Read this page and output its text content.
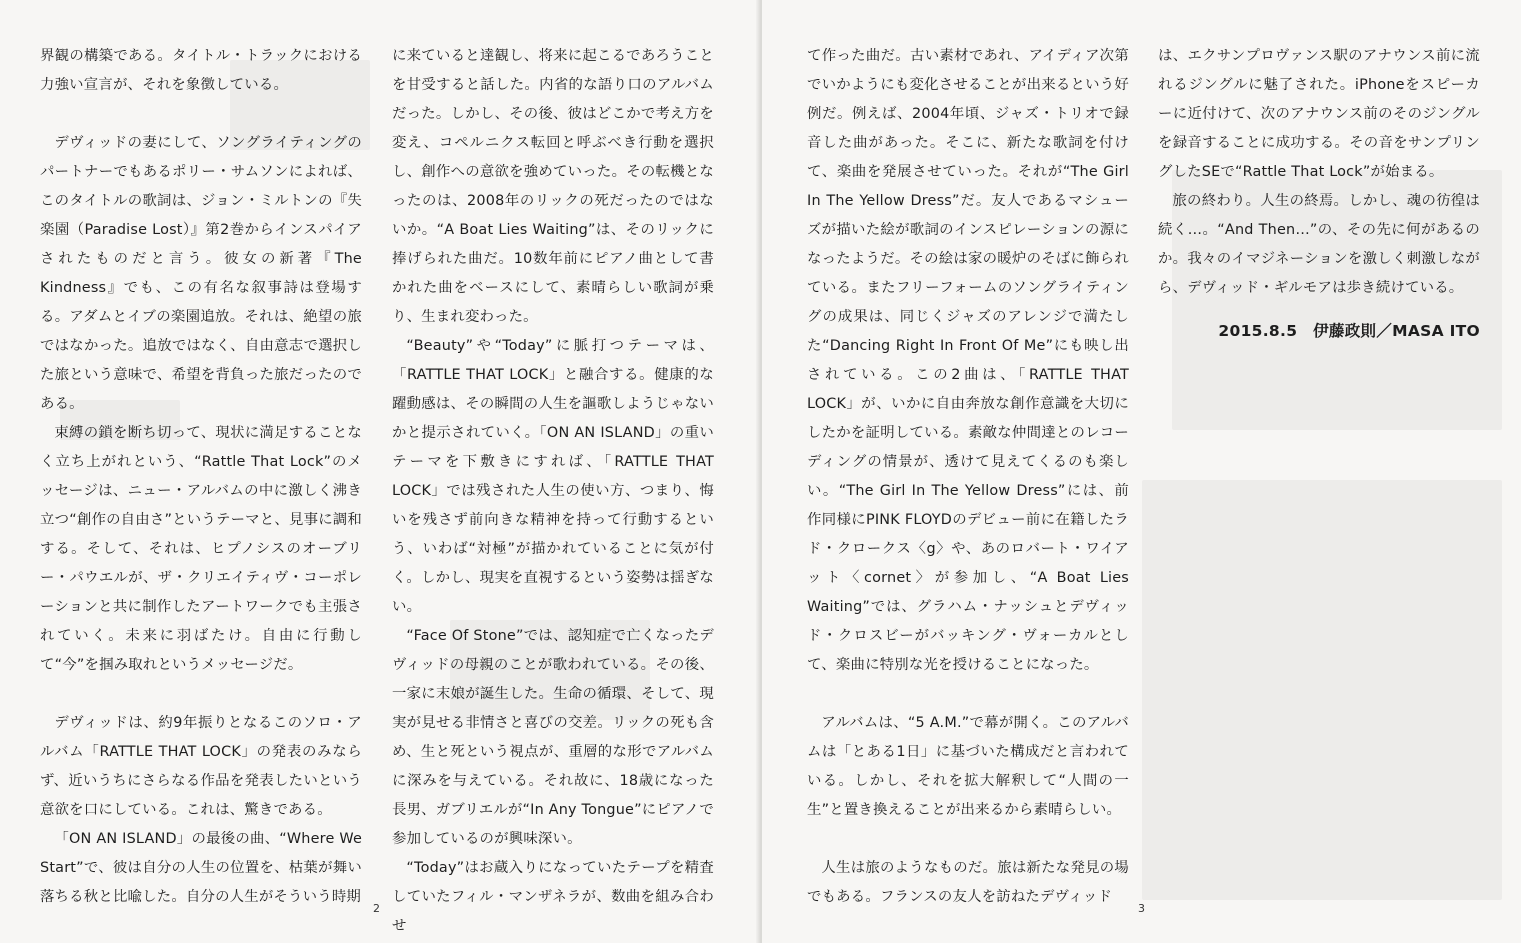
界観の構築である。タイトル・トラックにおける力強い宣言が、それを象徴している。

デヴィッドの妻にして、ソングライティングのパートナーでもあるポリー・サムソンによれば、このタイトルの歌詞は、ジョン・ミルトンの『失楽園（Paradise Lost）』第2巻からインスパイアされたものだと言う。彼女の新著『The Kindness』でも、この有名な叙事詩は登場する。アダムとイブの楽園追放。それは、絶望の旅ではなかった。追放ではなく、自由意志で選択した旅という意味で、希望を背負った旅だったのである。

束縛の鎖を断ち切って、現状に満足することなく立ち上がれという、“Rattle That Lock”のメッセージは、ニュー・アルバムの中に激しく沸き立つ“創作の自由さ”というテーマと、見事に調和する。そして、それは、ヒプノシスのオーブリー・パウエルが、ザ・クリエイティヴ・コーポレーションと共に制作したアートワークでも主張されていく。未来に羽ばたけ。自由に行動して“今”を掴み取れというメッセージだ。

デヴィッドは、約9年振りとなるこのソロ・アルバム「RATTLE THAT LOCK」の発表のみならず、近いうちにさらなる作品を発表したいという意欲を口にしている。これは、驚きである。

「ON AN ISLAND」の最後の曲、“Where We Start”で、彼は自分の人生の位置を、枯葉が舞い落ちる秋と比喩した。自分の人生がそういう時期

に来ていると達観し、将来に起こるであろうことを甘受すると話した。内省的な語り口のアルバムだった。しかし、その後、彼はどこかで考え方を変え、コペルニクス転回と呼ぶべき行動を選択し、創作への意欲を強めていった。その転機となったのは、2008年のリックの死だったのではないか。“A Boat Lies Waiting”は、そのリックに捧げられた曲だ。10数年前にピアノ曲として書かれた曲をベースにして、素晴らしい歌詞が乗り、生まれ変わった。

“Beauty”や“Today”に脈打つテーマは、「RATTLE THAT LOCK」と融合する。健康的な躍動感は、その瞬間の人生を謳歌しようじゃないかと提示されていく。「ON AN ISLAND」の重いテーマを下敷きにすれば、「RATTLE THAT LOCK」では残された人生の使い方、つまり、悔いを残さず前向きな精神を持って行動するという、いわば“対極”が描かれていることに気が付く。しかし、現実を直視するという姿勢は揺ぎない。

“Face Of Stone”では、認知症で亡くなったデヴィッドの母親のことが歌われている。その後、一家に末娘が誕生した。生命の循環、そして、現実が見せる非情さと喜びの交差。リックの死も含め、生と死という視点が、重層的な形でアルバムに深みを与えている。それ故に、18歳になった長男、ガブリエルが“In Any Tongue”にピアノで参加しているのが興味深い。

“Today”はお蔵入りになっていたテープを精査していたフィル・マンザネラが、数曲を組み合わせ

2

て作った曲だ。古い素材であれ、アイディア次第でいかようにも変化させることが出来るという好例だ。例えば、2004年頃、ジャズ・トリオで録音した曲があった。そこに、新たな歌詞を付けて、楽曲を発展させていった。それが“The Girl In The Yellow Dress”だ。友人であるマシューズが描いた絵が歌詞のインスピレーションの源になったようだ。その絵は家の暖炉のそばに飾られている。またフリーフォームのソングライティングの成果は、同じくジャズのアレンジで満たした“Dancing Right In Front Of Me”にも映し出されている。この2曲は、「RATTLE THAT LOCK」が、いかに自由奔放な創作意識を大切にしたかを証明している。素敵な仲間達とのレコーディングの情景が、透けて見えてくるのも楽しい。“The Girl In The Yellow Dress”には、前作同様にPINK FLOYDのデビュー前に在籍したラド・クロークス〈g〉や、あのロバート・ワイアット〈cornet〉が参加し、“A Boat Lies Waiting”では、グラハム・ナッシュとデヴィッド・クロスビーがバッキング・ヴォーカルとして、楽曲に特別な光を授けることになった。

アルバムは、“5 A.M.”で幕が開く。このアルバムは「とある1日」に基づいた構成だと言われている。しかし、それを拡大解釈して“人間の一生”と置き換えることが出来るから素晴らしい。

人生は旅のようなものだ。旅は新たな発見の場でもある。フランスの友人を訪ねたデヴィッド

は、エクサンプロヴァンス駅のアナウンス前に流れるジングルに魅了された。iPhoneをスピーカーに近付けて、次のアナウンス前のそのジングルを録音することに成功する。その音をサンプリングしたSEで“Rattle That Lock”が始まる。

旅の終わり。人生の終焉。しかし、魂の彷徨は続く…。“And Then…”の、その先に何があるのか。我々のイマジネーションを激しく刺激しながら、デヴィッド・ギルモアは歩き続けている。

2015.8.5　伊藤政則／MASA ITO
3
